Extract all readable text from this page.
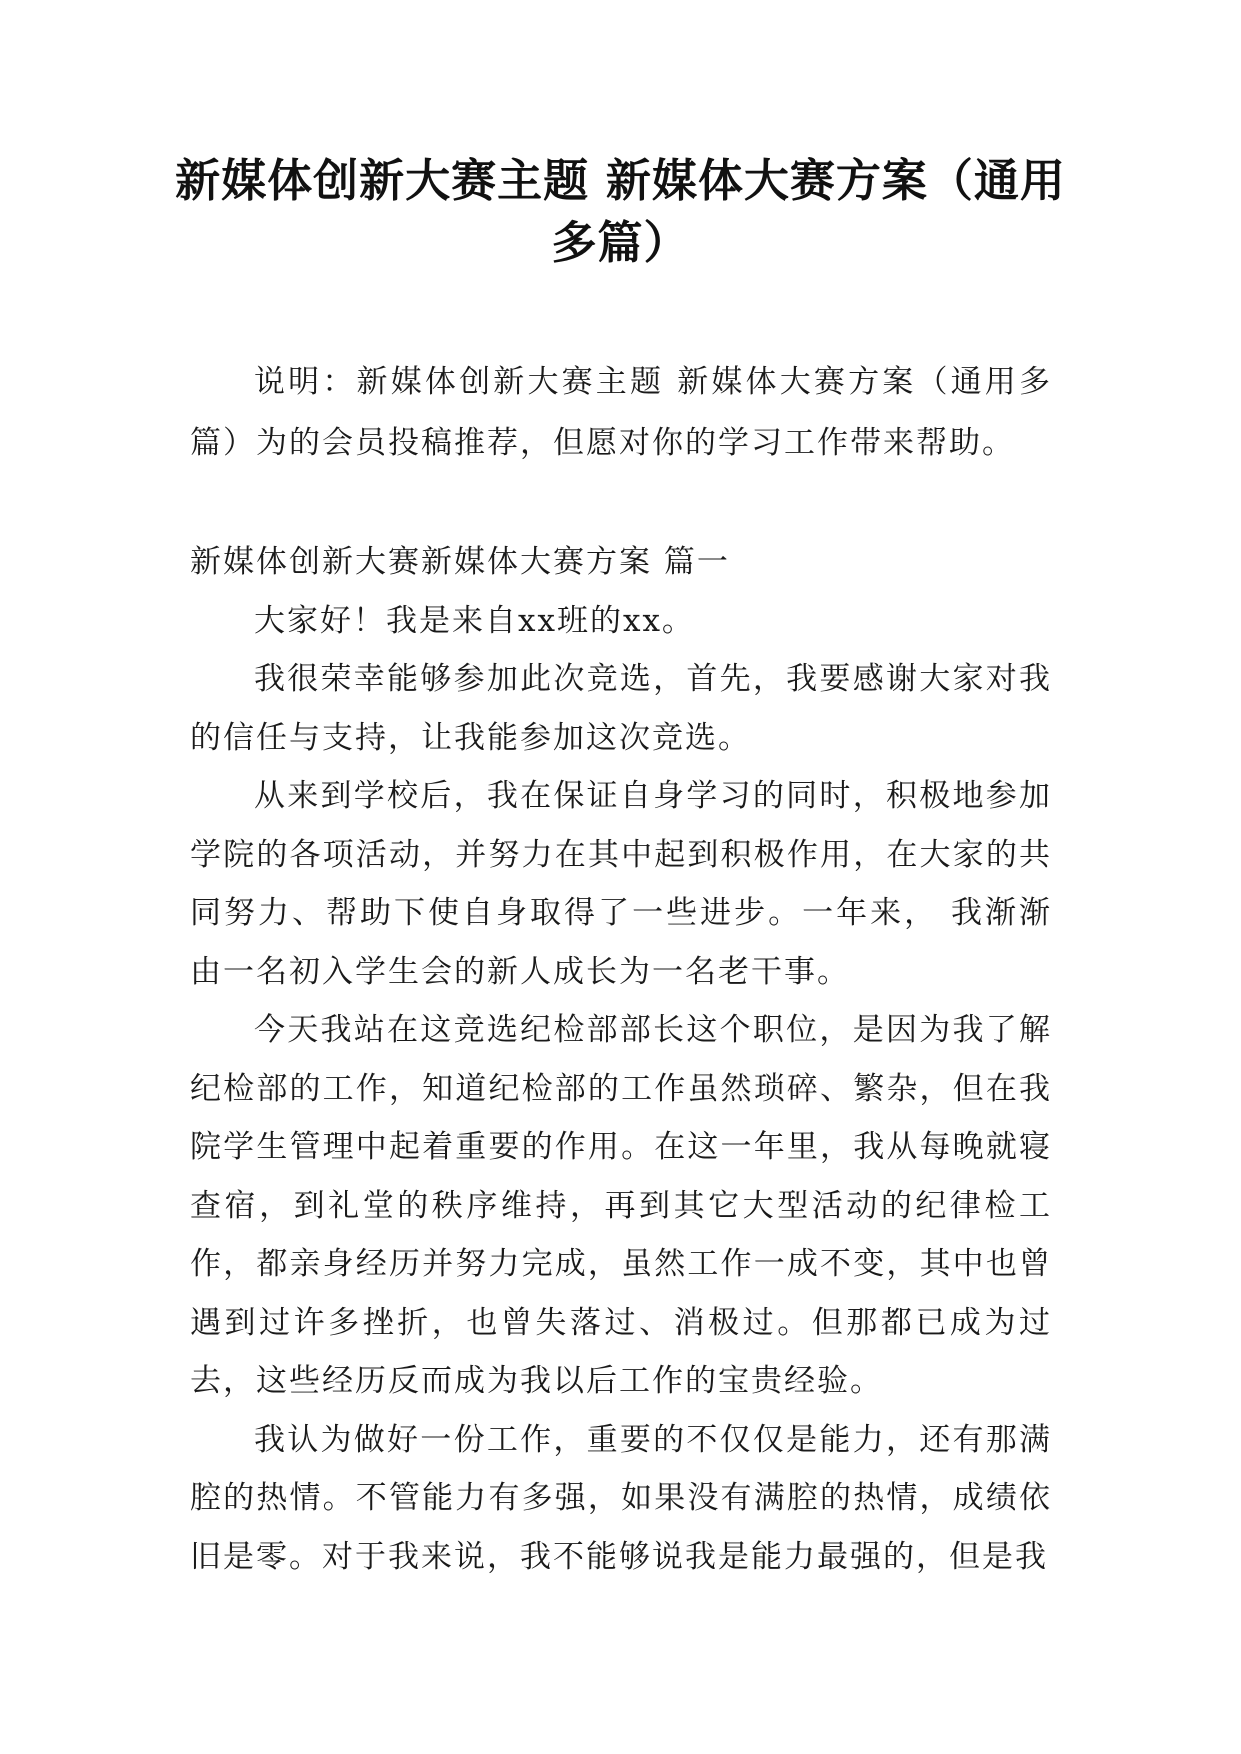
新媒体创新大赛主题 新媒体大赛方案（通用
多篇）

说明：新媒体创新大赛主题 新媒体大赛方案（通用多篇）为的会员投稿推荐，但愿对你的学习工作带来帮助。

新媒体创新大赛新媒体大赛方案 篇一

大家好！我是来自xx班的xx。

我很荣幸能够参加此次竞选，首先，我要感谢大家对我的信任与支持，让我能参加这次竞选。

从来到学校后，我在保证自身学习的同时，积极地参加学院的各项活动，并努力在其中起到积极作用，在大家的共同努力、帮助下使自身取得了一些进步。一年来， 我渐渐由一名初入学生会的新人成长为一名老干事。

今天我站在这竞选纪检部部长这个职位，是因为我了解纪检部的工作，知道纪检部的工作虽然琐碎、繁杂，但在我院学生管理中起着重要的作用。在这一年里，我从每晚就寝查宿，到礼堂的秩序维持，再到其它大型活动的纪律检工作，都亲身经历并努力完成，虽然工作一成不变，其中也曾遇到过许多挫折，也曾失落过、消极过。但那都已成为过去，这些经历反而成为我以后工作的宝贵经验。

我认为做好一份工作，重要的不仅仅是能力，还有那满腔的热情。不管能力有多强，如果没有满腔的热情，成绩依旧是零。对于我来说，我不能够说我是能力最强的，但是我
